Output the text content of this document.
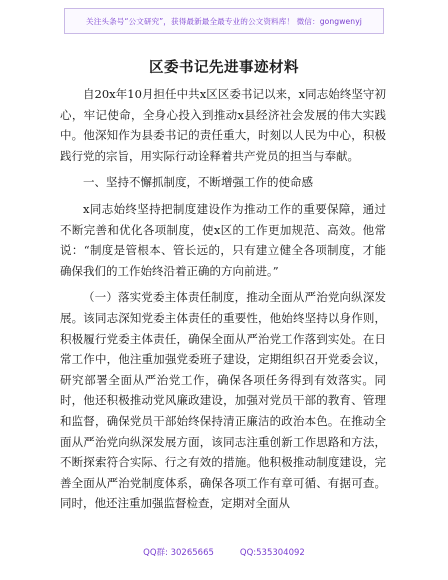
关注头条号“公文研究”，获得最新最全最专业的公文资料库！ 微信：gongwenyj
区委书记先进事迹材料

自20x年10月担任中共x区区委书记以来，x同志始终坚守初心，牢记使命，全身心投入到推动x县经济社会发展的伟大实践中。他深知作为县委书记的责任重大，时刻以人民为中心，积极践行党的宗旨，用实际行动诠释着共产党员的担当与奉献。

一、坚持不懈抓制度，不断增强工作的使命感

x同志始终坚持把制度建设作为推动工作的重要保障，通过不断完善和优化各项制度，使x区的工作更加规范、高效。他常说：“制度是管根本、管长远的，只有建立健全各项制度，才能确保我们的工作始终沿着正确的方向前进。”

（一）落实党委主体责任制度，推动全面从严治党向纵深发展。该同志深知党委主体责任的重要性，他始终坚持以身作则，积极履行党委主体责任，确保全面从严治党工作落到实处。在日常工作中，他注重加强党委班子建设，定期组织召开党委会议，研究部署全面从严治党工作，确保各项任务得到有效落实。同时，他还积极推动党风廉政建设，加强对党员干部的教育、管理和监督，确保党员干部始终保持清正廉洁的政治本色。在推动全面从严治党向纵深发展方面，该同志注重创新工作思路和方法，不断探索符合实际、行之有效的措施。他积极推动制度建设，完善全面从严治党制度体系，确保各项工作有章可循、有据可查。同时，他还注重加强监督检查，定期对全面从

QQ群: 30265665	QQ:535304092
